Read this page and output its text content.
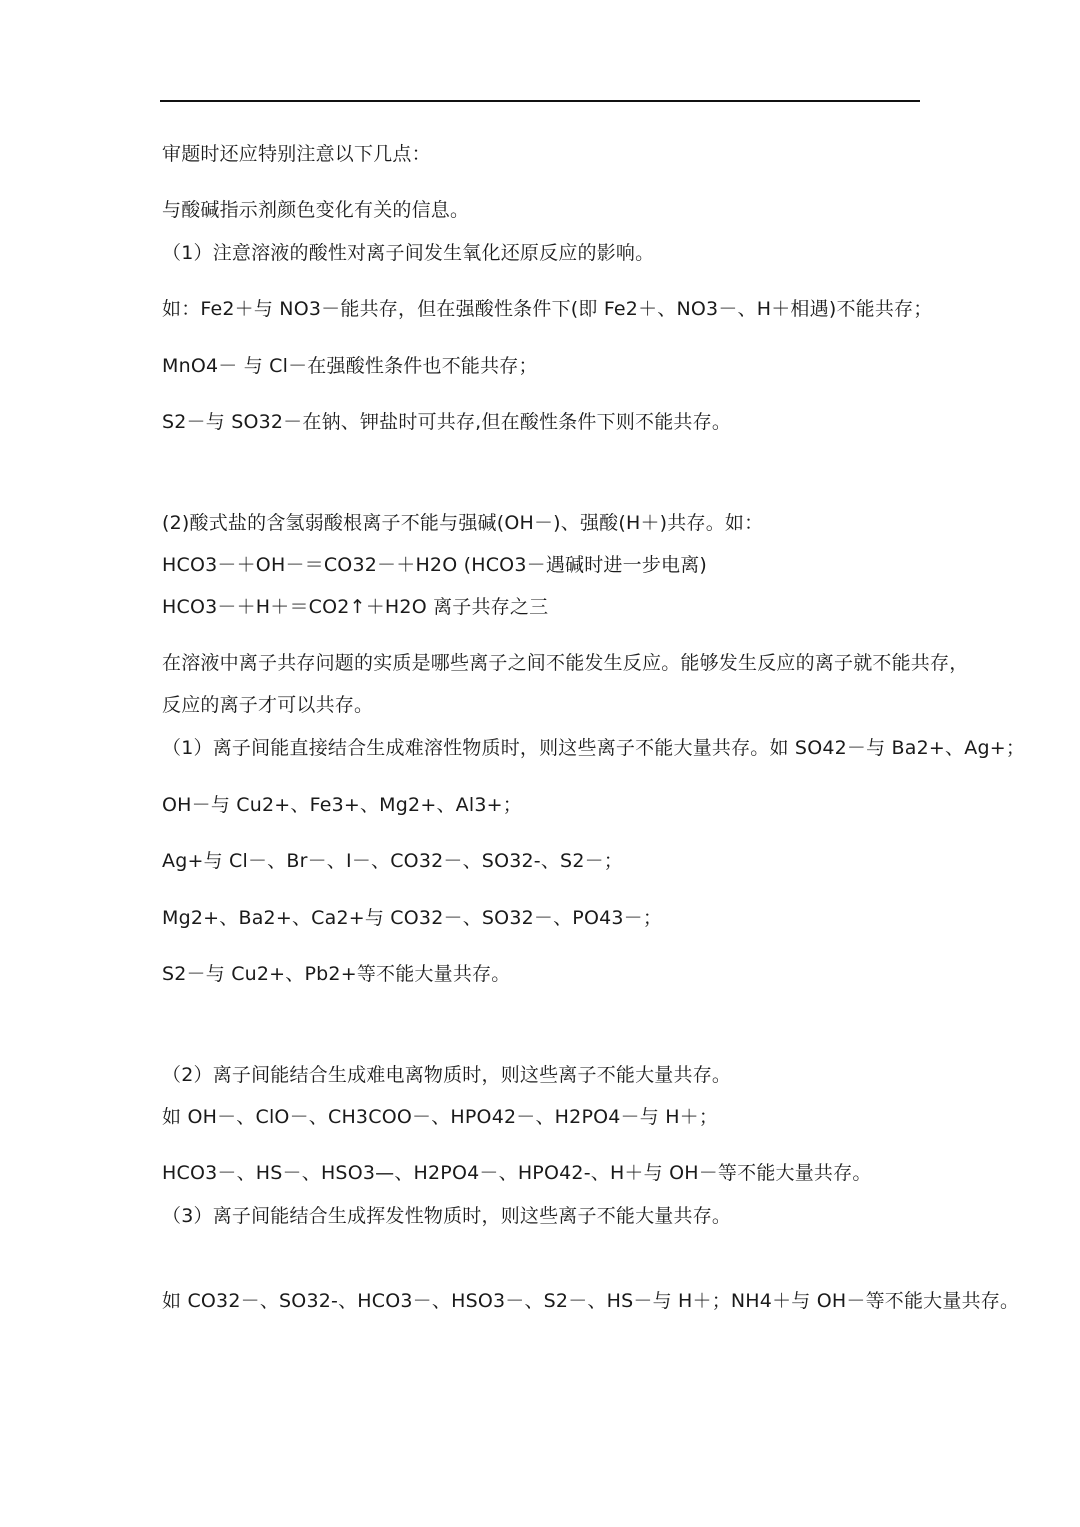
审题时还应特别注意以下几点：
与酸碱指示剂颜色变化有关的信息。
（1）注意溶液的酸性对离子间发生氧化还原反应的影响。
如：Fe2＋与 NO3－能共存，但在强酸性条件下(即 Fe2＋、NO3－、H＋相遇)不能共存；
MnO4－ 与 Cl－在强酸性条件也不能共存；
S2－与 SO32－在钠、钾盐时可共存,但在酸性条件下则不能共存。
(2)酸式盐的含氢弱酸根离子不能与强碱(OH－)、强酸(H＋)共存。如：
HCO3－＋OH－＝CO32－＋H2O (HCO3－遇碱时进一步电离)
HCO3－＋H＋＝CO2↑＋H2O 离子共存之三
在溶液中离子共存问题的实质是哪些离子之间不能发生反应。能够发生反应的离子就不能共存，
反应的离子才可以共存。
（1）离子间能直接结合生成难溶性物质时，则这些离子不能大量共存。如 SO42－与 Ba2+、Ag+；
OH－与 Cu2+、Fe3+、Mg2+、Al3+；
Ag+与 Cl－、Br－、I－、CO32－、SO32-、S2－；
Mg2+、Ba2+、Ca2+与 CO32－、SO32－、PO43－；
S2－与 Cu2+、Pb2+等不能大量共存。
（2）离子间能结合生成难电离物质时，则这些离子不能大量共存。
如 OH－、ClO－、CH3COO－、HPO42－、H2PO4－与 H＋；
HCO3－、HS－、HSO3—、H2PO4－、HPO42-、H＋与 OH－等不能大量共存。
（3）离子间能结合生成挥发性物质时，则这些离子不能大量共存。
如 CO32－、SO32-、HCO3－、HSO3－、S2－、HS－与 H＋；NH4＋与 OH－等不能大量共存。
